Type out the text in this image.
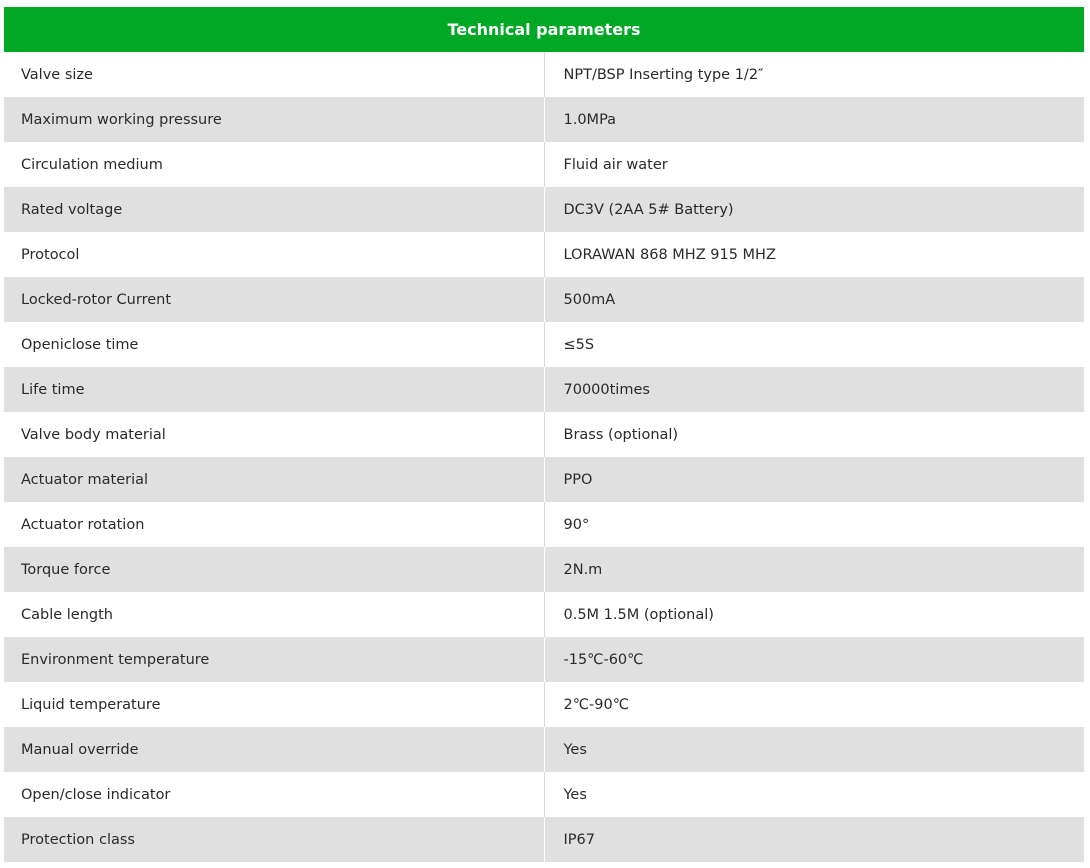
Technical parameters	
Valve size	NPT/BSP Inserting type 1/2″
Maximum working pressure	1.0MPa
Circulation medium	Fluid air water
Rated voltage	DC3V (2AA 5# Battery)
Protocol	LORAWAN 868 MHZ 915 MHZ
Locked-rotor Current	500mA
Openiclose time	≤5S
Life time	70000times
Valve body material	Brass (optional)
Actuator material	PPO
Actuator rotation	90°
Torque force	2N.m
Cable length	0.5M 1.5M (optional)
Environment temperature	-15℃-60℃
Liquid temperature	2℃-90℃
Manual override	Yes
Open/close indicator	Yes
Protection class	IP67
